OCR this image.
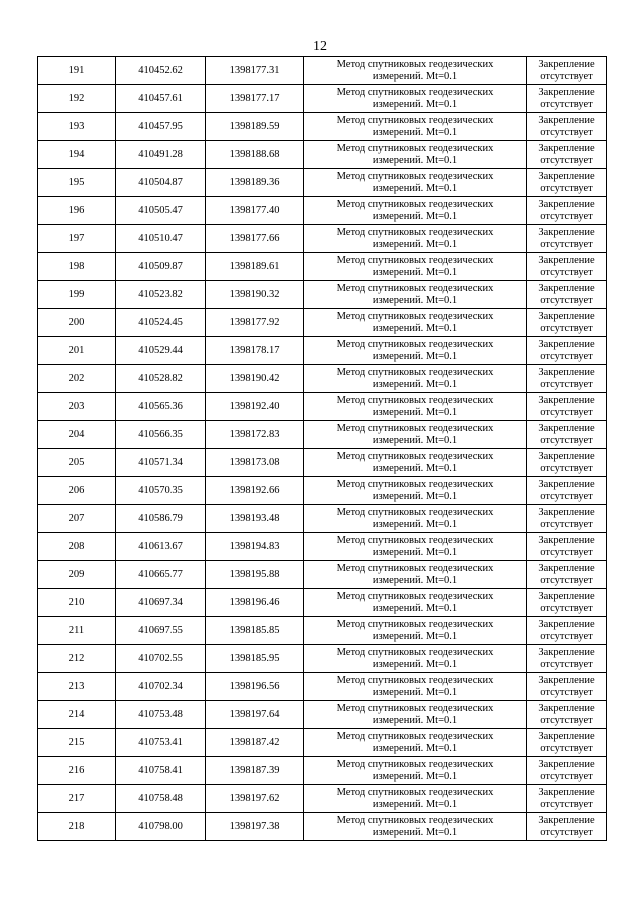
12
191	410452.62	1398177.31	Метод спутниковых геодезических
измерений. Mt=0.1	Закрепление
отсутствует

192	410457.61	1398177.17	Метод спутниковых геодезических
измерений. Mt=0.1	Закрепление
отсутствует

193	410457.95	1398189.59	Метод спутниковых геодезических
измерений. Mt=0.1	Закрепление
отсутствует

194	410491.28	1398188.68	Метод спутниковых геодезических
измерений. Mt=0.1	Закрепление
отсутствует

195	410504.87	1398189.36	Метод спутниковых геодезических
измерений. Mt=0.1	Закрепление
отсутствует

196	410505.47	1398177.40	Метод спутниковых геодезических
измерений. Mt=0.1	Закрепление
отсутствует

197	410510.47	1398177.66	Метод спутниковых геодезических
измерений. Mt=0.1	Закрепление
отсутствует

198	410509.87	1398189.61	Метод спутниковых геодезических
измерений. Mt=0.1	Закрепление
отсутствует

199	410523.82	1398190.32	Метод спутниковых геодезических
измерений. Mt=0.1	Закрепление
отсутствует

200	410524.45	1398177.92	Метод спутниковых геодезических
измерений. Mt=0.1	Закрепление
отсутствует

201	410529.44	1398178.17	Метод спутниковых геодезических
измерений. Mt=0.1	Закрепление
отсутствует

202	410528.82	1398190.42	Метод спутниковых геодезических
измерений. Mt=0.1	Закрепление
отсутствует

203	410565.36	1398192.40	Метод спутниковых геодезических
измерений. Mt=0.1	Закрепление
отсутствует

204	410566.35	1398172.83	Метод спутниковых геодезических
измерений. Mt=0.1	Закрепление
отсутствует

205	410571.34	1398173.08	Метод спутниковых геодезических
измерений. Mt=0.1	Закрепление
отсутствует

206	410570.35	1398192.66	Метод спутниковых геодезических
измерений. Mt=0.1	Закрепление
отсутствует

207	410586.79	1398193.48	Метод спутниковых геодезических
измерений. Mt=0.1	Закрепление
отсутствует

208	410613.67	1398194.83	Метод спутниковых геодезических
измерений. Mt=0.1	Закрепление
отсутствует

209	410665.77	1398195.88	Метод спутниковых геодезических
измерений. Mt=0.1	Закрепление
отсутствует

210	410697.34	1398196.46	Метод спутниковых геодезических
измерений. Mt=0.1	Закрепление
отсутствует

211	410697.55	1398185.85	Метод спутниковых геодезических
измерений. Mt=0.1	Закрепление
отсутствует

212	410702.55	1398185.95	Метод спутниковых геодезических
измерений. Mt=0.1	Закрепление
отсутствует

213	410702.34	1398196.56	Метод спутниковых геодезических
измерений. Mt=0.1	Закрепление
отсутствует

214	410753.48	1398197.64	Метод спутниковых геодезических
измерений. Mt=0.1	Закрепление
отсутствует

215	410753.41	1398187.42	Метод спутниковых геодезических
измерений. Mt=0.1	Закрепление
отсутствует

216	410758.41	1398187.39	Метод спутниковых геодезических
измерений. Mt=0.1	Закрепление
отсутствует

217	410758.48	1398197.62	Метод спутниковых геодезических
измерений. Mt=0.1	Закрепление
отсутствует

218	410798.00	1398197.38	Метод спутниковых геодезических
измерений. Mt=0.1	Закрепление
отсутствует
